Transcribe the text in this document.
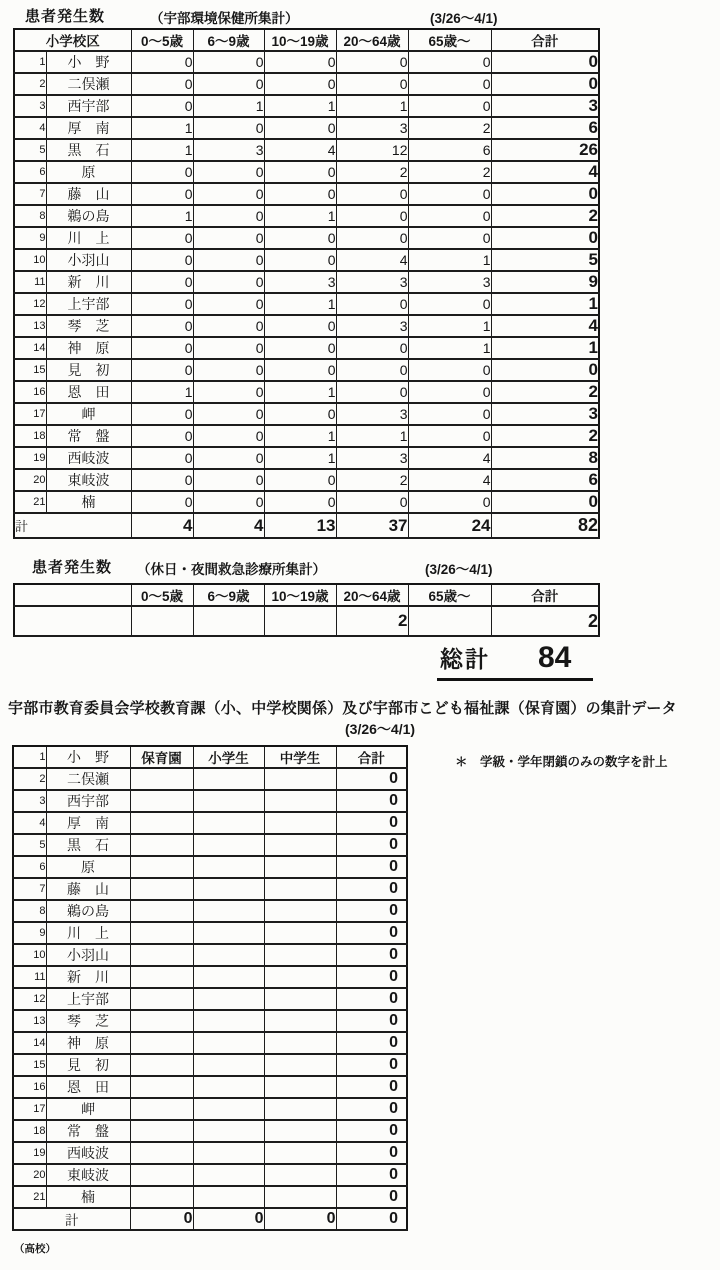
患者発生数	（宇部環境保健所集計）	(3/26〜4/1)
小学校区		0〜5歳	6〜9歳	10〜19歳	20〜64歳	65歳〜	合計
1	小　野	0	0	0	0	0	0
2	二俣瀬	0	0	0	0	0	0
3	西宇部	0	1	1	1	0	3
4	厚　南	1	0	0	3	2	6
5	黒　石	1	3	4	12	6	26
6	原	0	0	0	2	2	4
7	藤　山	0	0	0	0	0	0
8	鵜の島	1	0	1	0	0	2
9	川　上	0	0	0	0	0	0
10	小羽山	0	0	0	4	1	5
11	新　川	0	0	3	3	3	9
12	上宇部	0	0	1	0	0	1
13	琴　芝	0	0	0	3	1	4
14	神　原	0	0	0	0	1	1
15	見　初	0	0	0	0	0	0
16	恩　田	1	0	1	0	0	2
17	岬	0	0	0	3	0	3
18	常　盤	0	0	1	1	0	2
19	西岐波	0	0	1	3	4	8
20	東岐波	0	0	0	2	4	6
21	楠	0	0	0	0	0	0
計		4	4	13	37	24	82
患者発生数 （休日・夜間救急診療所集計）	(3/26〜4/1)
	0〜5歳	6〜9歳	10〜19歳	20〜64歳	65歳〜	合計
				2		2
総計 84
宇部市教育委員会学校教育課（小、中学校関係）及び宇部市こども福祉課（保育園）の集計データ
(3/26〜4/1)
＊　学級・学年閉鎖のみの数字を計上
1	小　野	保育園	小学生	中学生	合計
2	二俣瀬				0
3	西宇部				0
4	厚　南				0
5	黒　石				0
6	原				0
7	藤　山				0
8	鵜の島				0
9	川　上				0
10	小羽山				0
11	新　川				0
12	上宇部				0
13	琴　芝				0
14	神　原				0
15	見　初				0
16	恩　田				0
17	岬				0
18	常　盤				0
19	西岐波				0
20	東岐波				0
21	楠				0
計		0	0	0	0
（高校）
